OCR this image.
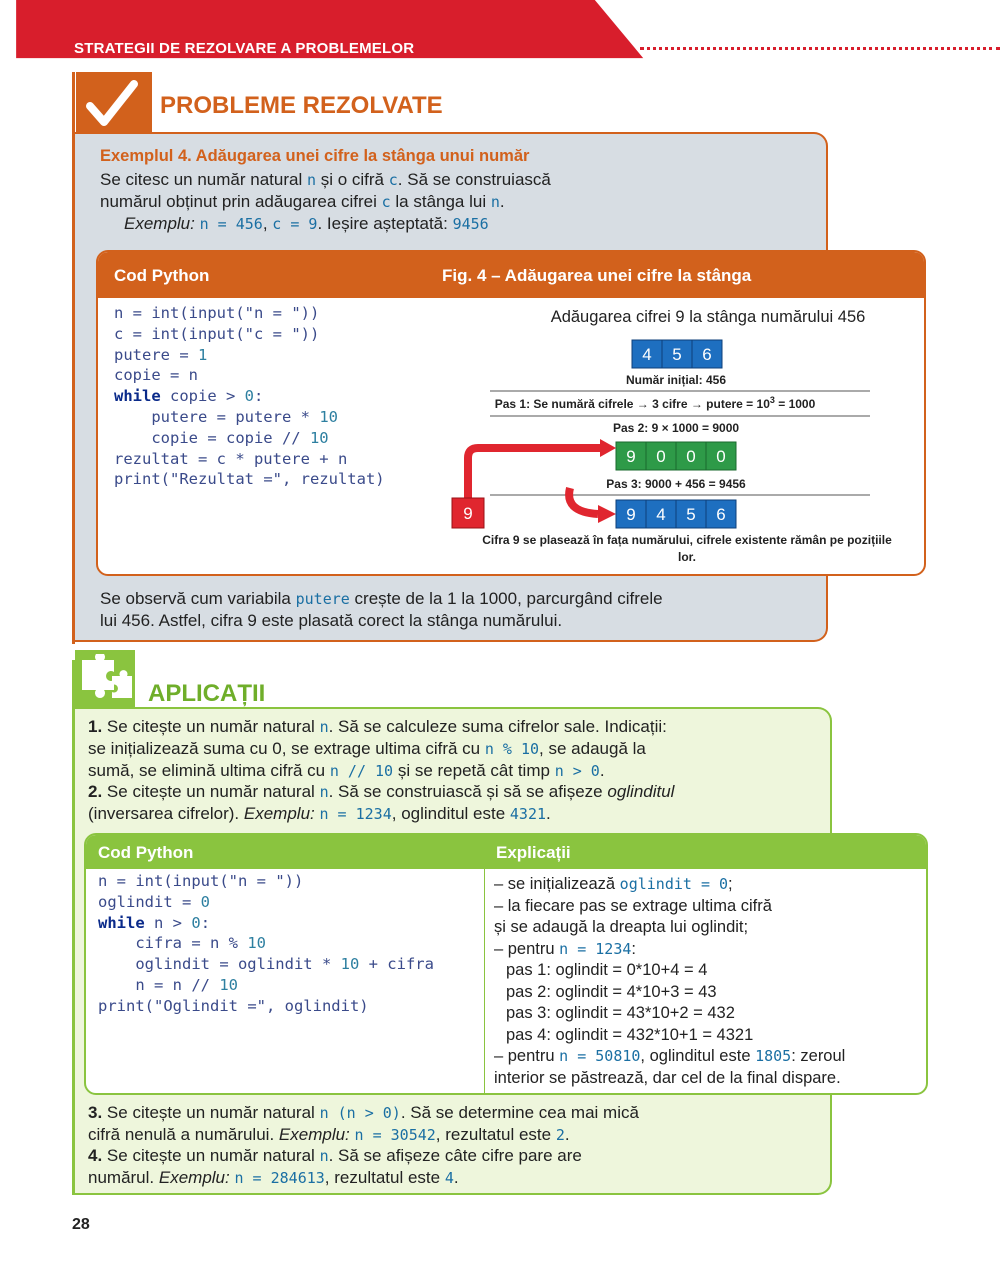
STRATEGII DE REZOLVARE A PROBLEMELOR
PROBLEME REZOLVATE
Exemplul 4. Adăugarea unei cifre la stânga unui număr
Se citesc un număr natural n și o cifră c. Să se construiască
numărul obținut prin adăugarea cifrei c la stânga lui n.
Exemplu: n = 456, c = 9. Ieșire așteptată: 9456
Cod Python	Fig. 4 – Adăugarea unei cifre la stânga
n = int(input("n = "))
c = int(input("c = "))
putere = 1
copie = n
while copie > 0:
putere = putere * 10
copie = copie // 10
rezultat = c * putere + n
print("Rezultat =", rezultat)
Adăugarea cifrei 9 la stânga numărului 456
4 5 6
Număr inițial: 456
Pas 1: Se numără cifrele → 3 cifre → putere = $10^3 = 1000$
Pas 2: 9 × 1000 = 9000
9 0 0 0
Pas 3: 9000 + 456 = 9456
9	9 4 5 6
Cifra 9 se plasează în fața numărului, cifrele existente rămân pe pozițiile
lor.
Se observă cum variabila putere crește de la 1 la 1000, parcurgând cifrele
lui 456. Astfel, cifra 9 este plasată corect la stânga numărului.
APLICAȚII
1. Se citește un număr natural n. Să se calculeze suma cifrelor sale. Indicații:
se inițializează suma cu 0, se extrage ultima cifră cu n % 10, se adaugă la
sumă, se elimină ultima cifră cu n // 10 și se repetă cât timp n > 0.
2. Se citește un număr natural n. Să se construiască și să se afișeze oglinditul
(inversarea cifrelor). Exemplu: n = 1234, oglinditul este 4321.
Cod Python	Explicații
n = int(input("n = "))
oglindit = 0
while n > 0:
cifra = n % 10
oglindit = oglindit * 10 + cifra
n = n // 10
print("Oglindit =", oglindit)
– se inițializează oglindit = 0;
– la fiecare pas se extrage ultima cifră
și se adaugă la dreapta lui oglindit;
– pentru n = 1234:
pas 1: oglindit = 0*10+4 = 4
pas 2: oglindit = 4*10+3 = 43
pas 3: oglindit = 43*10+2 = 432
pas 4: oglindit = 432*10+1 = 4321
– pentru n = 50810, oglinditul este 1805: zeroul
interior se păstrează, dar cel de la final dispare.
3. Se citește un număr natural n (n > 0). Să se determine cea mai mică
cifră nenulă a numărului. Exemplu: n = 30542, rezultatul este 2.
4. Se citește un număr natural n. Să se afișeze câte cifre pare are
numărul. Exemplu: n = 284613, rezultatul este 4.
28
